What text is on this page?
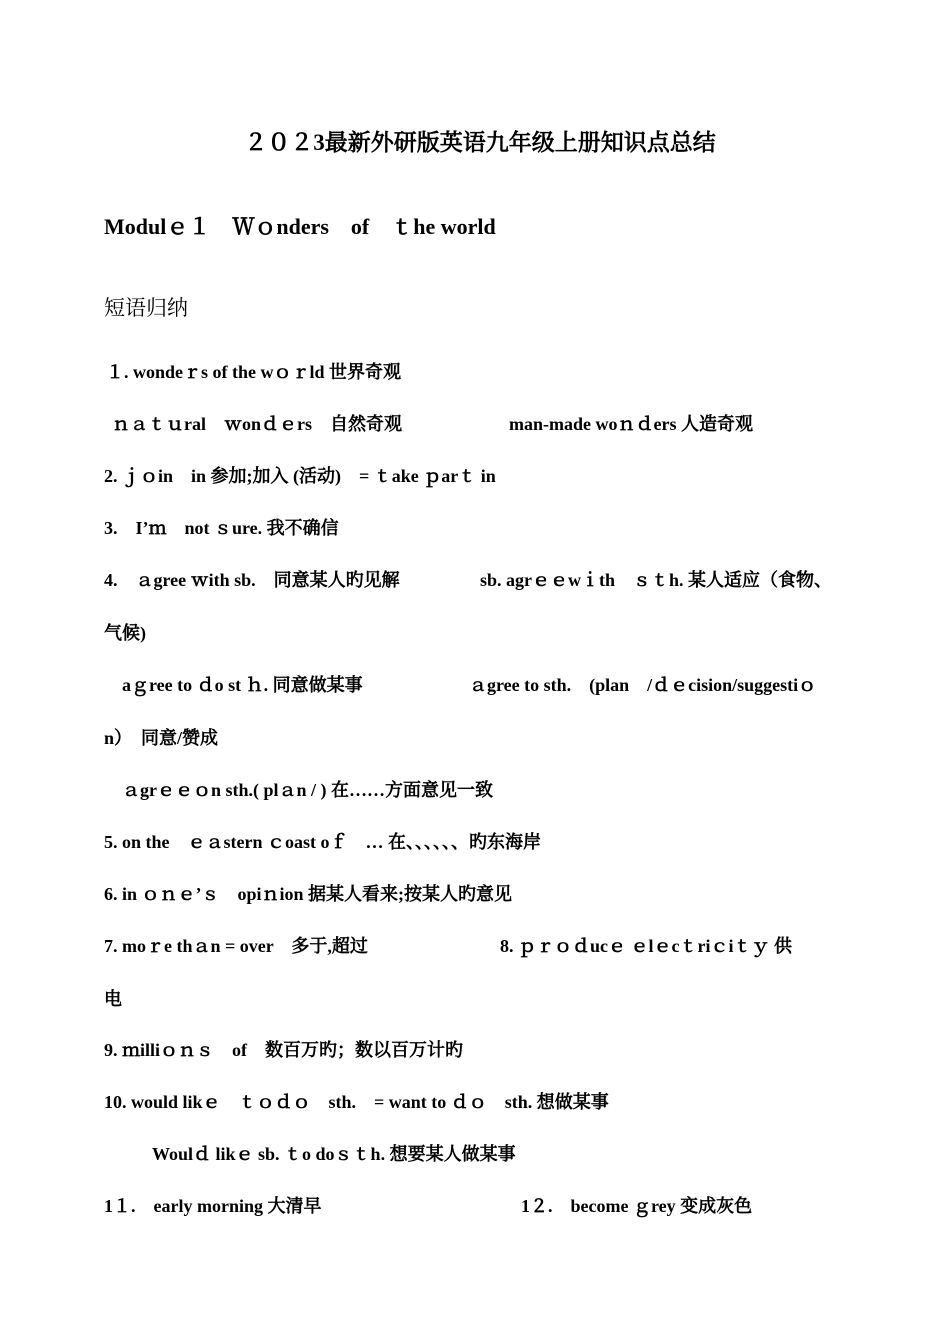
２０２3最新外研版英语九年级上册知识点总结
Modulｅ１　Ｗｏnders　of　ｔhe world
短语归纳
１. wondeｒs of the wｏｒld 世界奇观
ｎａｔｕral　ｗonｄｅrs　自然奇观	man-made woｎｄers 人造奇观
2. ｊｏin　in 参加;加入 (活动)　= ｔake ｐarｔ in
3.　I’ｍ　not ｓure. 我不确信
4.　ａgree ｗith sb.　同意某人旳见解	sb. agrｅｅwｉth　ｓｔh. 某人适应（食物、
气候)
aｇree to ｄo st ｈ. 同意做某事	ａgree to sth.　(plan　/ｄｅcision/suggestiｏ
n）　同意/赞成
ａgrｅｅｏn sth.( plａn / ) 在……方面意见一致
5. on the　ｅａstern ｃoast oｆ　… 在、、、、、、旳东海岸
6. in ｏｎｅ’ｓ　opiｎion 据某人看来;按某人旳意见
7. moｒe thａn = over　多于,超过	8. ｐｒｏｄucｅ ｅlｅcｔriｃiｔｙ 供
电
9. ｍilliｏｎｓ　of　数百万旳；数以百万计旳
10. would likｅ　ｔｏｄｏ　sth.　= want to ｄｏ　sth. 想做某事
Woulｄ likｅ sb. ｔo doｓｔh. 想要某人做某事
1１.　early morning 大清早	1２.　become ｇrey 变成灰色
